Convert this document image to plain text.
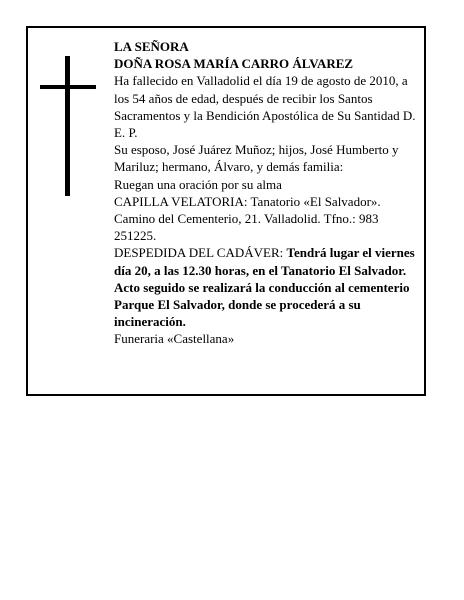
LA SEÑORA

DOÑA ROSA MARÍA CARRO ÁLVAREZ

Ha fallecido en Valladolid el día 19 de agosto de 2010, a los 54 años de edad, después de recibir los Santos Sacramentos y la Bendición Apostólica de Su Santidad D. E. P.

Su esposo, José Juárez Muñoz; hijos, José Humberto y Mariluz; hermano, Álvaro, y demás familia:

Ruegan una oración por su alma

CAPILLA VELATORIA: Tanatorio «El Salvador». Camino del Cementerio, 21. Valladolid. Tfno.: 983 251225.

DESPEDIDA DEL CADÁVER: Tendrá lugar el viernes día 20, a las 12.30 horas, en el Tanatorio El Salvador. Acto seguido se realizará la conducción al cementerio Parque El Salvador, donde se procederá a su incineración.

Funeraria «Castellana»
